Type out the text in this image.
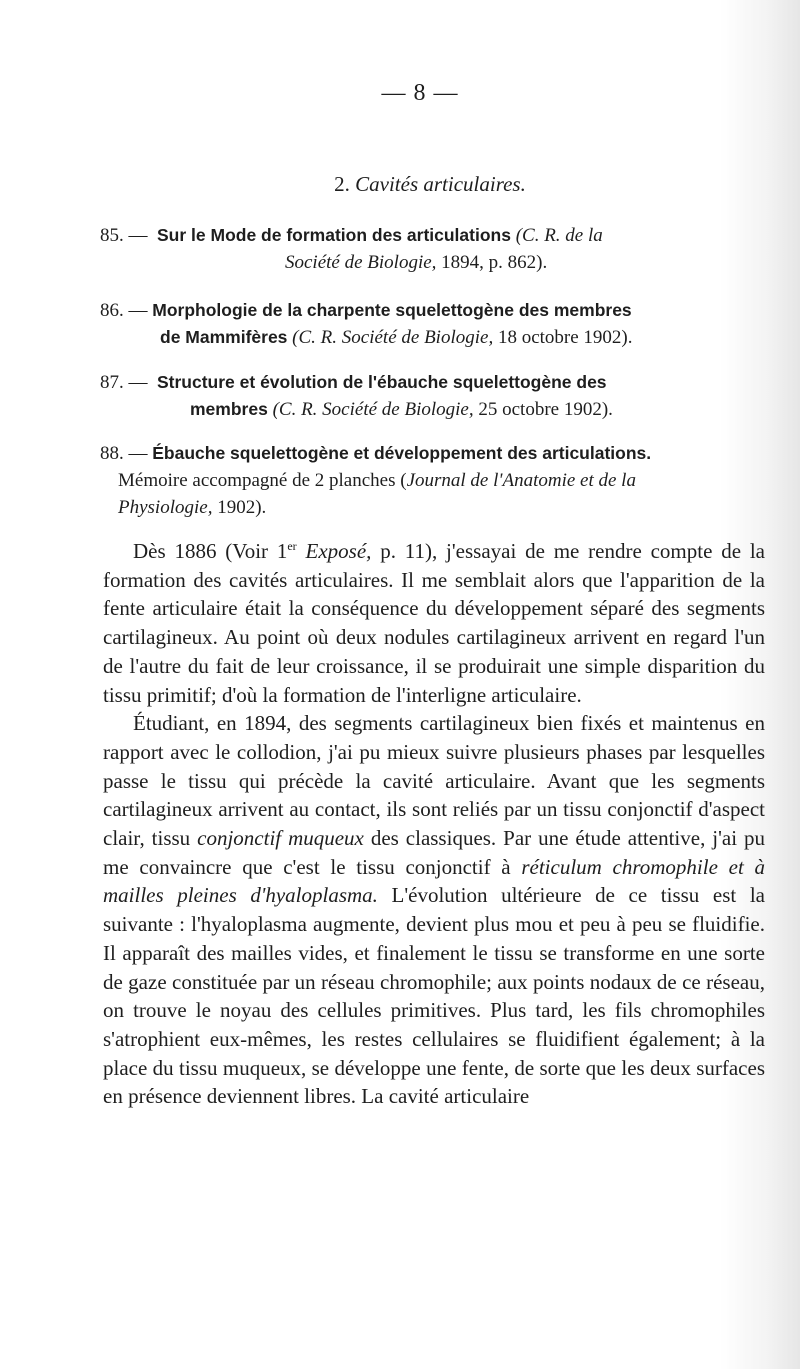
— 8 —
2. Cavités articulaires.
85. — Sur le Mode de formation des articulations (C. R. de la
Société de Biologie, 1894, p. 862).
86. — Morphologie de la charpente squelettogène des membres
de Mammifères (C. R. Société de Biologie, 18 octobre 1902).
87. — Structure et évolution de l'ébauche squelettogène des
membres (C. R. Société de Biologie, 25 octobre 1902).
88. — Ébauche squelettogène et développement des articulations.
Mémoire accompagné de 2 planches (Journal de l'Anatomie et de la
Physiologie, 1902).

Dès 1886 (Voir 1er Exposé, p. 11), j'essayai de me rendre compte de la formation des cavités articulaires. Il me semblait alors que l'apparition de la fente articulaire était la conséquence du développement séparé des segments cartilagineux. Au point où deux nodules cartilagineux arrivent en regard l'un de l'autre du fait de leur croissance, il se produirait une simple disparition du tissu primitif; d'où la formation de l'interligne articulaire.

Étudiant, en 1894, des segments cartilagineux bien fixés et maintenus en rapport avec le collodion, j'ai pu mieux suivre plusieurs phases par lesquelles passe le tissu qui précède la cavité articulaire. Avant que les segments cartilagineux arrivent au contact, ils sont reliés par un tissu conjonctif d'aspect clair, tissu conjonctif muqueux des classiques. Par une étude attentive, j'ai pu me convaincre que c'est le tissu conjonctif à réticulum chromophile et à mailles pleines d'hyaloplasma. L'évolution ultérieure de ce tissu est la suivante : l'hyaloplasma augmente, devient plus mou et peu à peu se fluidifie. Il apparaît des mailles vides, et finalement le tissu se transforme en une sorte de gaze constituée par un réseau chromophile; aux points nodaux de ce réseau, on trouve le noyau des cellules primitives. Plus tard, les fils chromophiles s'atrophient eux-mêmes, les restes cellulaires se fluidifient également; à la place du tissu muqueux, se développe une fente, de sorte que les deux surfaces en présence deviennent libres. La cavité articulaire
